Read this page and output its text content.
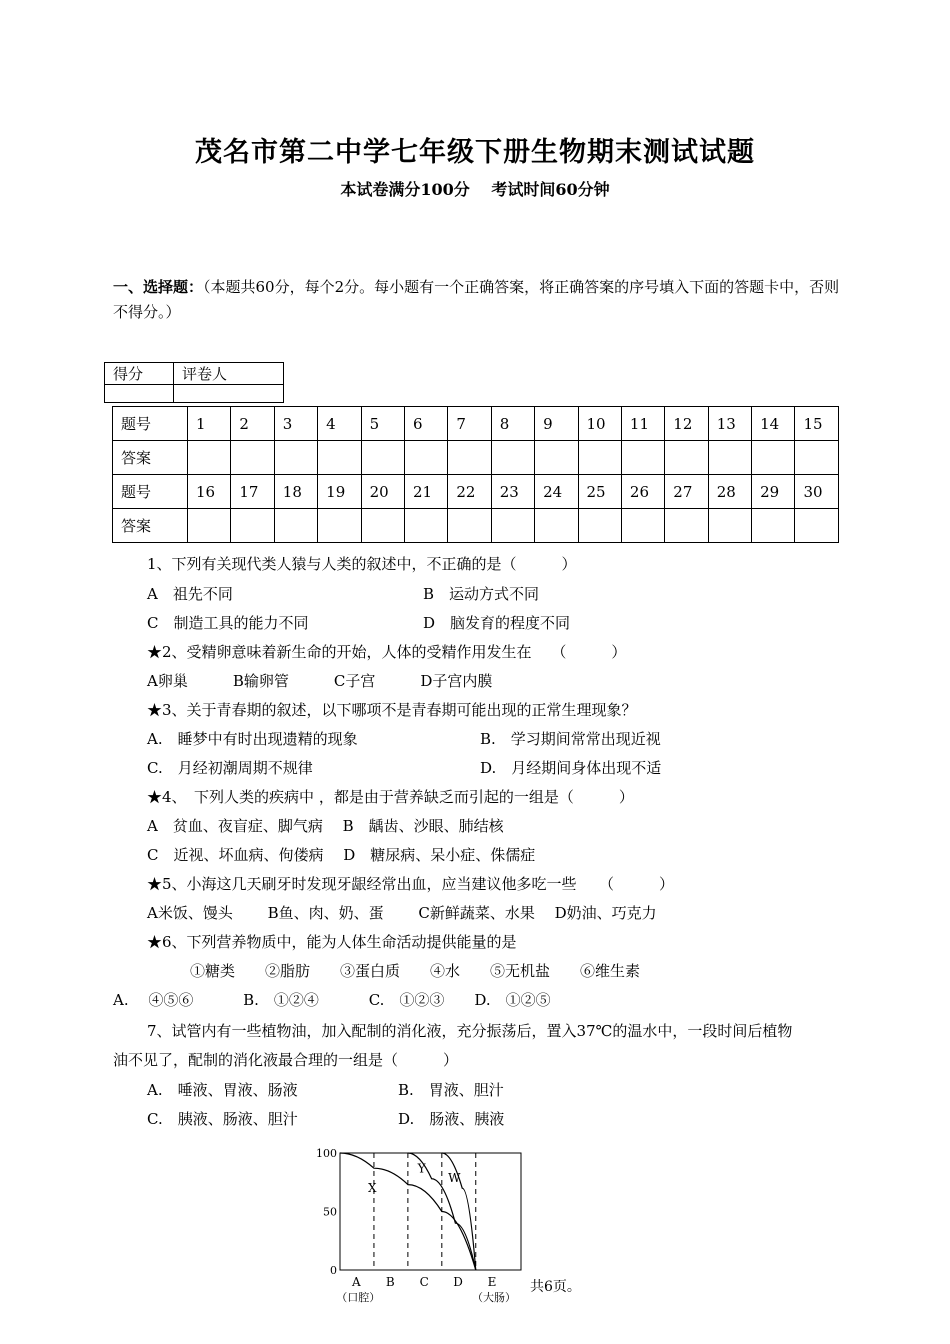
茂名市第二中学七年级下册生物期末测试试题
本试卷满分100分　 考试时间60分钟
一、选择题：（本题共60分，每个2分。每小题有一个正确答案，将正确答案的序号填入下面的答题卡中，否则不得分。）
得分	评卷人

题号	1	2	3	4	5	6	7	8	9	10	11	12	13	14	15
答案															
题号	16	17	18	19	20	21	22	23	24	25	26	27	28	29	30
答案															
1、下列有关现代类人猿与人类的叙述中，不正确的是（　　　）
A　祖先不同	B　运动方式不同
C　制造工具的能力不同	D　脑发育的程度不同
★2、受精卵意味着新生命的开始，人体的受精作用发生在　 （　　　）
A卵巢　　　B输卵管　　　C子宫　　　D子宫内膜
★3、关于青春期的叙述，以下哪项不是青春期可能出现的正常生理现象？
A.　睡梦中有时出现遗精的现象	B.　学习期间常常出现近视
C.　月经初潮周期不规律	D.　月经期间身体出现不适
★4、　下列人类的疾病中 ，都是由于营养缺乏而引起的一组是（　　　）
A　贫血、夜盲症、脚气病　 B　龋齿、沙眼、肺结核
C　近视、坏血病、佝偻病　 D　糖尿病、呆小症、侏儒症
★5、小海这几天刷牙时发现牙龈经常出血，应当建议他多吃一些　　（　　　）
A米饭、馒头　　 B鱼、肉、奶、蛋　　 C新鲜蔬菜、水果　 D奶油、巧克力
★6、下列营养物质中，能为人体生命活动提供能量的是
①糖类　　②脂肪　　③蛋白质　　④水　　⑤无机盐　　⑥维生素
A.　 ④⑤⑥　　　 B.　①②④　　　 C.　①②③　　D.　①②⑤
7、试管内有一些植物油，加入配制的消化液，充分振荡后，置入37℃的温水中，一段时间后植物
油不见了，配制的消化液最合理的一组是（　　　）
A.　唾液、胃液、肠液	B.　胃液、胆汁
C.　胰液、肠液、胆汁	D.　肠液、胰液
X
Y
W
100
50
0
A
（口腔）
B C D E
（大肠）
共6页。
